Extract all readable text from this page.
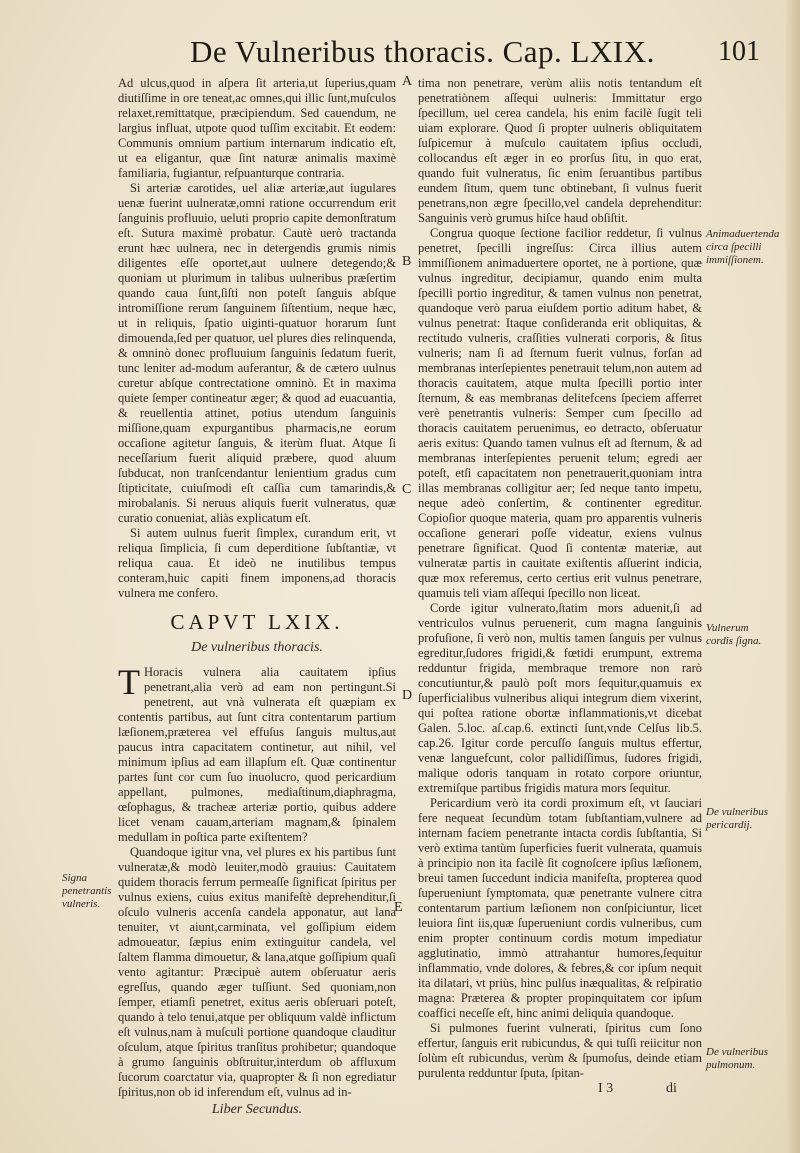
De Vulneribus thoracis. Cap. LXIX. 101
A
B
C
D
E
Signa penetrantis vulneris.
Animaduertenda circa ſpecilli immiſſionem.
Vulnerum cordis ſigna.
De vulneribus pericardij.
De vulneribus pulmonum.

Ad ulcus,quod in aſpera ſit arteria,ut ſuperius,quam diutiſſime in ore teneat,ac omnes,qui illic ſunt,muſculos relaxet,remittatque, præcipiendum. Sed cauendum, ne largius influat, utpote quod tuſſim excitabit. Et eodem: Communis omnium partium internarum indicatio eſt, ut ea eligantur, quæ ſint naturæ animalis maximè familiaria, fugiantur, reſpuanturque contraria.

Si arteriæ carotides, uel aliæ arteriæ,aut iugulares uenæ fuerint uulneratæ,omni ratione occurrendum erit ſanguinis profluuio, ueluti proprio capite demonſtratum eſt. Sutura maximè probatur. Cautè uerò tractanda erunt hæc uulnera, nec in detergendis grumis nimis diligentes eſſe oportet,aut uulnere detegendo;& quoniam ut plurimum in talibus uulneribus præſertim quando caua ſunt,ſiſti non poteſt ſanguis abſque intromiſſione rerum ſanguinem ſiſtentium, neque hæc, ut in reliquis, ſpatio uiginti-quatuor horarum ſunt dimouenda,ſed per quatuor, uel plures dies relinquenda, & omninò donec profluuium ſanguinis ſedatum fuerit, tunc leniter ad-modum auferantur, & de cætero uulnus curetur abſque contrectatione omninò. Et in maxima quiete ſemper contineatur æger; & quod ad euacuantia, & reuellentia attinet, potius utendum ſanguinis miſſione,quam expurgantibus pharmacis,ne eorum occaſione agitetur ſanguis, & iterùm fluat. Atque ſi neceſſarium fuerit aliquid præbere, quod aluum ſubducat, non tranſcendantur lenientium gradus cum ſtipticitate, cuiuſmodi eſt caſſia cum tamarindis,& mirobalanis. Si neruus aliquis fuerit vulneratus, quæ curatio conueniat, aliàs explicatum eſt.

Si autem uulnus fuerit ſimplex, curandum erit, vt reliqua ſimplicia, ſi cum deperditione ſubſtantiæ, vt reliqua caua. Et ideò ne inutilibus tempus conteram,huic capiti finem imponens,ad thoracis vulnera me confero.

CAPVT LXIX.
De vulneribus thoracis.

T Horacis vulnera alia cauitatem ipſius penetrant,alia verò ad eam non pertingunt.Si penetrent, aut vnà vulnerata eſt quæpiam ex contentis partibus, aut ſunt citra contentarum partium læſionem,præterea vel effuſus ſanguis multus,aut paucus intra capacitatem continetur, aut nihil, vel minimum ipſius ad eam illapſum eſt. Quæ continentur partes ſunt cor cum ſuo inuolucro, quod pericardium appellant, pulmones, mediaſtinum,diaphragma, œſophagus, & tracheæ arteriæ portio, quibus addere licet venam cauam,arteriam magnam,& ſpinalem medullam in poſtica parte exiſtentem?

Quandoque igitur vna, vel plures ex his partibus ſunt vulneratæ,& modò leuiter,modò grauius: Cauitatem quidem thoracis ferrum permeaſſe ſignificat ſpiritus per vulnus exiens, cuius exitus manifeſtè deprehenditur,ſi oſculo vulneris accenſa candela apponatur, aut lana tenuiter, vt aiunt,carminata, vel goſſipium eidem admoueatur, ſæpius enim extinguitur candela, vel ſaltem flamma dimouetur, & lana,atque goſſipium quaſi vento agitantur: Præcipuè autem obſeruatur aeris egreſſus, quando æger tuſſiunt. Sed quoniam,non ſemper, etiamſi penetret, exitus aeris obſeruari poteſt, quando à telo tenui,atque per obliquum valdè inflictum eſt vulnus,nam à muſculi portione quandoque clauditur oſculum, atque ſpiritus tranſitus prohibetur; quandoque à grumo ſanguinis obſtruitur,interdum ob affluxum ſucorum coarctatur via, quapropter & ſi non egrediatur ſpiritus,non ob id inferendum eſt, vulnus ad in-

Liber Secundus.

tima non penetrare, verùm aliis notis tentandum eſt penetratiònem aſſequi uulneris: Immittatur ergo ſpecillum, uel cerea candela, his enim facilè ſugit teli uiam explorare. Quod ſi propter uulneris obliquitatem ſuſpicemur à muſculo cauitatem ipſius occludi, collocandus eſt æger in eo prorſus ſitu, in quo erat, quando fuit vulneratus, ſic enim ſeruantibus partibus eundem ſitum, quem tunc obtinebant, ſi vulnus fuerit penetrans,non ægre ſpecillo,vel candela deprehenditur: Sanguinis verò grumus hiſce haud obſiſtit.

Congrua quoque ſectione facilior reddetur, ſi vulnus penetret, ſpecilli ingreſſus: Circa illius autem immiſſionem animaduertere oportet, ne à portione, quæ vulnus ingreditur, decipiamur, quando enim multa ſpecilli portio ingreditur, & tamen vulnus non penetrat, quandoque verò parua eiuſdem portio aditum habet, & vulnus penetrat: Itaque conſideranda erit obliquitas, & rectitudo vulneris, craſſities vulnerati corporis, & ſitus vulneris; nam ſi ad ſternum fuerit vulnus, forſan ad membranas interſepientes penetrauit telum,non autem ad thoracis cauitatem, atque multa ſpecilli portio inter ſternum, & eas membranas delitefcens ſpeciem afferret verè penetrantis vulneris: Semper cum ſpecillo ad thoracis cauitatem peruenimus, eo detracto, obſeruatur aeris exitus: Quando tamen vulnus eſt ad ſternum, & ad membranas interſepientes peruenit telum; egredi aer poteſt, etſi capacitatem non penetrauerit,quoniam intra illas membranas colligitur aer; ſed neque tanto impetu, neque adeò conſertim, & continenter egreditur. Copioſior quoque materia, quam pro apparentis vulneris occaſione generari poſſe videatur, exiens vulnus penetrare ſignificat. Quod ſi contentæ materiæ, aut vulneratæ partis in cauitate exiſtentis aſſuerint indicia, quæ mox referemus, certo certius erit vulnus penetrare, quamuis teli viam aſſequi ſpecillo non liceat.

Corde igitur vulnerato,ſtatim mors aduenit,ſi ad ventriculos vulnus peruenerit, cum magna ſanguinis profuſione, ſi verò non, multis tamen ſanguis per vulnus egreditur,ſudores frigidi,& fœtidi erumpunt, extrema redduntur frigida, membraque tremore non rarò concutiuntur,& paulò poſt mors ſequitur,quamuis ex ſuperficialibus vulneribus aliqui integrum diem vixerint, qui poſtea ratione obortæ inflammationis,vt dicebat Galen. 5.loc. aſ.cap.6. extincti ſunt,vnde Celſus lib.5. cap.26. Igitur corde percuſſo ſanguis multus effertur, venæ languefcunt, color pallidiſſimus, ſudores frigidi, malique odoris tanquam in rotato corpore oriuntur, extremiſque partibus frigidis matura mors ſequitur.

Pericardium verò ita cordi proximum eſt, vt ſauciari fere nequeat ſecundùm totam ſubſtantiam,vulnere ad internam faciem penetrante intacta cordis ſubſtantia, Si verò extima tantùm ſuperficies fuerit vulnerata, quamuis à principio non ita facilè ſit cognoſcere ipſius læſionem, breui tamen ſuccedunt indicia manifeſta, propterea quod ſuperueniunt ſymptomata, quæ penetrante vulnere citra contentarum partium læſionem non conſpiciuntur, licet leuiora ſint iis,quæ ſuperueniunt cordis vulneribus, cum enim propter continuum cordis motum impediatur agglutinatio, immò attrahantur humores,ſequitur inflammatio, vnde dolores, & febres,& cor ipſum nequit ita dilatari, vt priùs, hinc pulſus inæqualitas, & reſpiratio magna: Præterea & propter propinquitatem cor ipſum coaffici neceſſe eſt, hinc animi deliquia quandoque.

Si pulmones fuerint vulnerati, ſpiritus cum ſono effertur, ſanguis erit rubicundus, & qui tuſſi reiicitur non ſolùm eſt rubicundus, verùm & ſpumoſus, deinde etiam purulenta redduntur ſputa, ſpitan-

I 3	di
